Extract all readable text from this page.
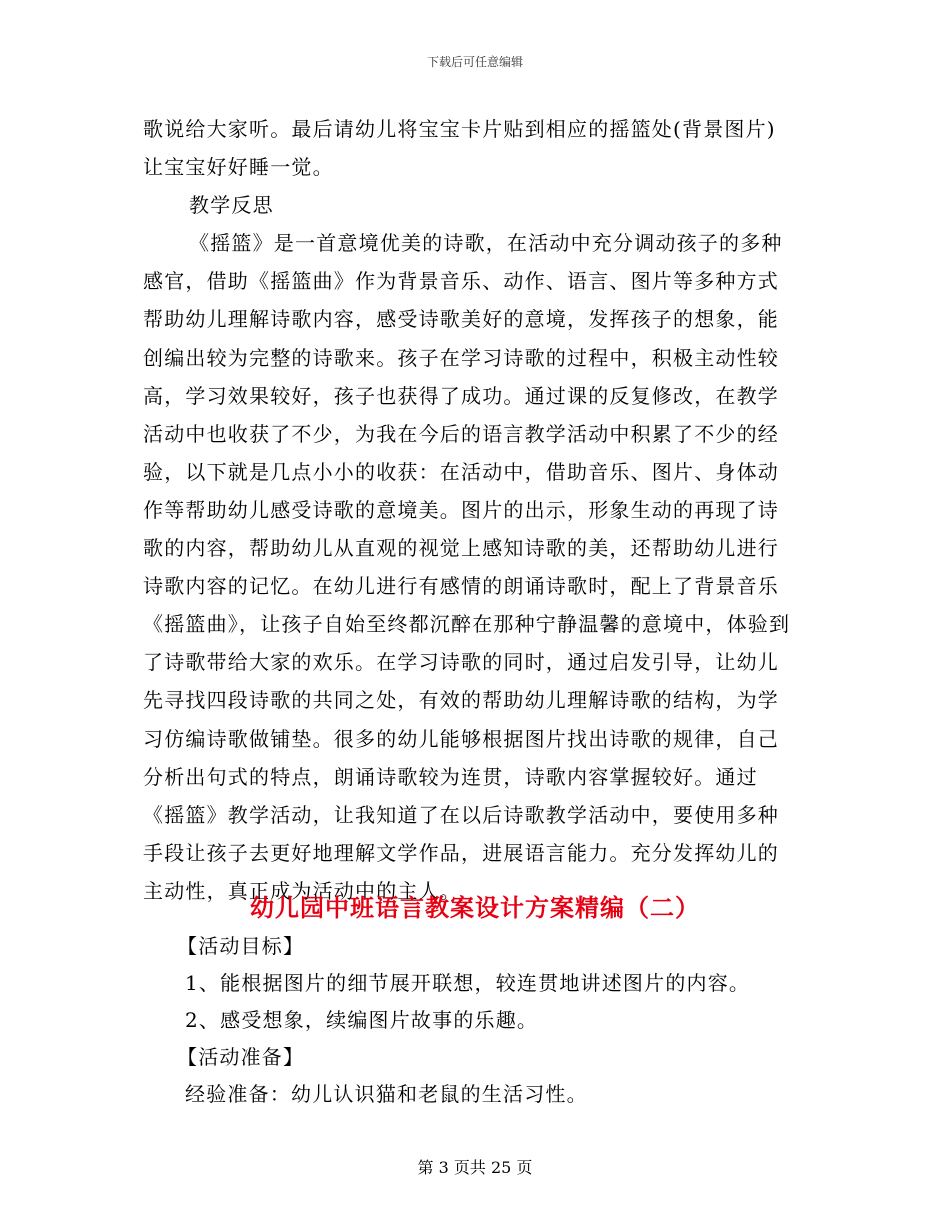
下载后可任意编辑

歌说给大家听。最后请幼儿将宝宝卡片贴到相应的摇篮处(背景图片)让宝宝好好睡一觉。

教学反思

《摇篮》是一首意境优美的诗歌，在活动中充分调动孩子的多种感官，借助《摇篮曲》作为背景音乐、动作、语言、图片等多种方式帮助幼儿理解诗歌内容，感受诗歌美好的意境，发挥孩子的想象，能创编出较为完整的诗歌来。孩子在学习诗歌的过程中，积极主动性较高，学习效果较好，孩子也获得了成功。通过课的反复修改，在教学活动中也收获了不少，为我在今后的语言教学活动中积累了不少的经验，以下就是几点小小的收获：在活动中，借助音乐、图片、身体动作等帮助幼儿感受诗歌的意境美。图片的出示，形象生动的再现了诗歌的内容，帮助幼儿从直观的视觉上感知诗歌的美，还帮助幼儿进行诗歌内容的记忆。在幼儿进行有感情的朗诵诗歌时，配上了背景音乐《摇篮曲》，让孩子自始至终都沉醉在那种宁静温馨的意境中，体验到了诗歌带给大家的欢乐。在学习诗歌的同时，通过启发引导，让幼儿先寻找四段诗歌的共同之处，有效的帮助幼儿理解诗歌的结构，为学习仿编诗歌做铺垫。很多的幼儿能够根据图片找出诗歌的规律，自己分析出句式的特点，朗诵诗歌较为连贯，诗歌内容掌握较好。通过《摇篮》教学活动，让我知道了在以后诗歌教学活动中，要使用多种手段让孩子去更好地理解文学作品，进展语言能力。充分发挥幼儿的主动性，真正成为活动中的主人。

幼儿园中班语言教案设计方案精编（二）

【活动目标】

1、能根据图片的细节展开联想，较连贯地讲述图片的内容。

2、感受想象，续编图片故事的乐趣。

【活动准备】

经验准备：幼儿认识猫和老鼠的生活习性。

第 3 页共 25 页
